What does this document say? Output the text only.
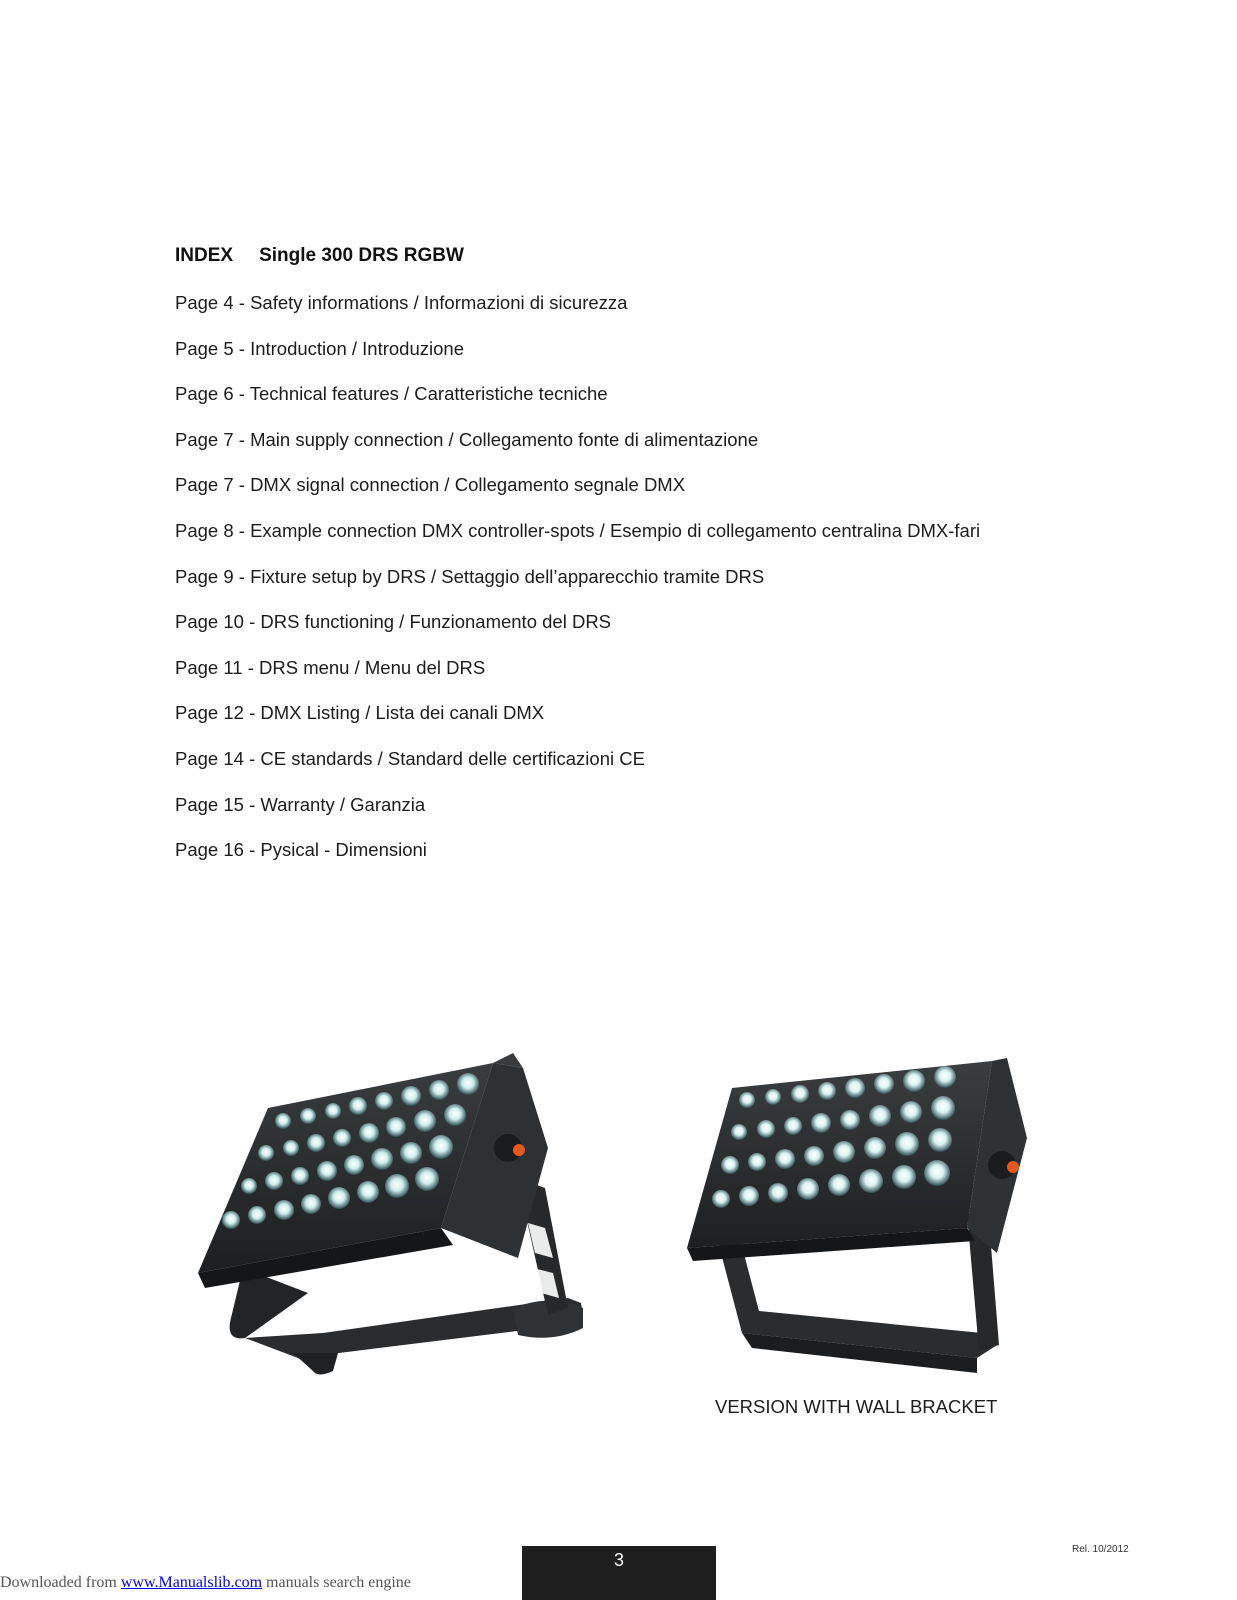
INDEX Single 300 DRS RGBW
Page 4 - Safety informations / Informazioni di sicurezza
Page 5 - Introduction / Introduzione
Page 6 - Technical features / Caratteristiche tecniche
Page 7 - Main supply connection / Collegamento fonte di alimentazione
Page 7 - DMX signal connection / Collegamento segnale DMX
Page 8 - Example connection DMX controller-spots / Esempio di collegamento centralina DMX-fari
Page 9 - Fixture setup by DRS / Settaggio dell’apparecchio tramite DRS
Page 10 - DRS functioning / Funzionamento del DRS
Page 11 - DRS menu / Menu del DRS
Page 12 - DMX Listing / Lista dei canali DMX
Page 14 - CE standards / Standard delle certificazioni CE
Page 15 - Warranty / Garanzia
Page 16 - Pysical - Dimensioni
VERSION WITH WALL BRACKET
Rel. 10/2012
3
Downloaded from www.Manualslib.com manuals search engine
